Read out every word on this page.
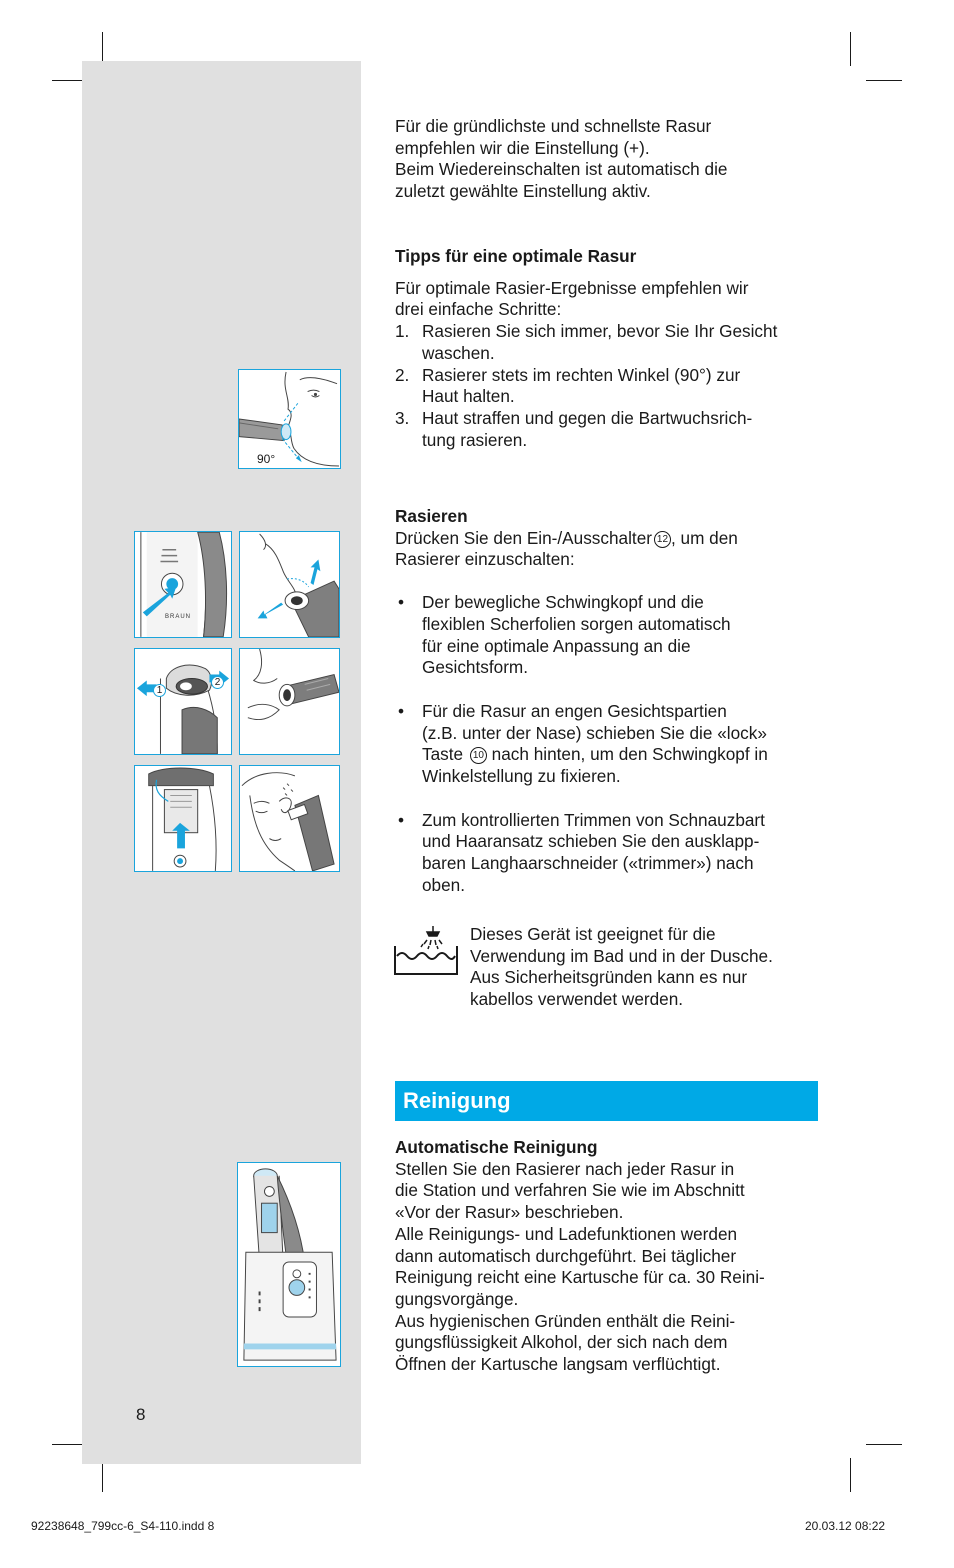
90°
BRAUN
1
2

Für die gründlichste und schnellste Rasur

empfehlen wir die Einstellung (+).

Beim Wiedereinschalten ist automatisch die

zuletzt gewählte Einstellung aktiv.

Tipps für eine optimale Rasur

Für optimale Rasier-Ergebnisse empfehlen wir

drei einfache Schritte:

1. Rasieren Sie sich immer, bevor Sie Ihr Gesicht

waschen.

2. Rasierer stets im rechten Winkel (90°) zur

Haut halten.

3. Haut straffen und gegen die Bartwuchsrich-

tung rasieren.

Rasieren

Drücken Sie den Ein-/Ausschalter 12 , um den

Rasierer einzuschalten:

• Der bewegliche Schwingkopf und die

flexiblen Scherfolien sorgen automatisch

für eine optimale Anpassung an die

Gesichtsform.

• Für die Rasur an engen Gesichtspartien

(z.B. unter der Nase) schieben Sie die «lock»

Taste 10 nach hinten, um den Schwingkopf in

Winkelstellung zu fixieren.

• Zum kontrollierten Trimmen von Schnauzbart

und Haaransatz schieben Sie den ausklapp-

baren Langhaarschneider («trimmer») nach

oben.

Dieses Gerät ist geeignet für die

Verwendung im Bad und in der Dusche.

Aus Sicherheitsgründen kann es nur

kabellos verwendet werden.

Reinigung

Automatische Reinigung

Stellen Sie den Rasierer nach jeder Rasur in

die Station und verfahren Sie wie im Abschnitt

«Vor der Rasur» beschrieben.

Alle Reinigungs- und Ladefunktionen werden

dann automatisch durchgeführt. Bei täglicher

Reinigung reicht eine Kartusche für ca. 30 Reini-

gungsvorgänge.

Aus hygienischen Gründen enthält die Reini-

gungsflüssigkeit Alkohol, der sich nach dem

Öffnen der Kartusche langsam verflüchtigt.

8
92238648_799cc-6_S4-110.indd 8	20.03.12 08:22
